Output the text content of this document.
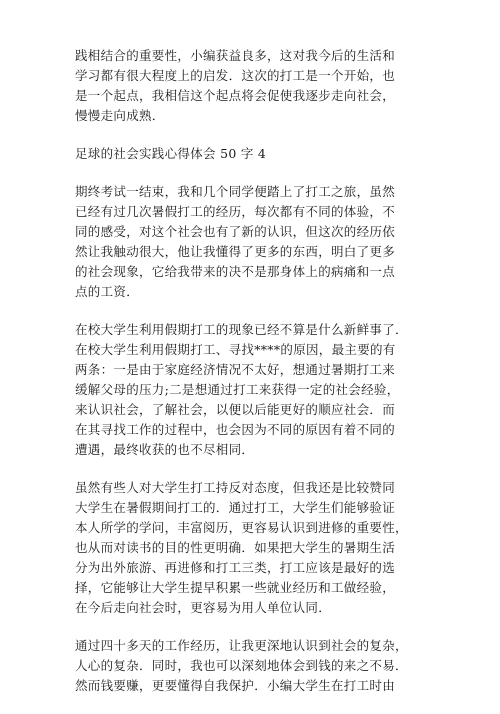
践相结合的重要性，小编获益良多，这对我今后的生活和
学习都有很大程度上的启发．这次的打工是一个开始，也
是一个起点，我相信这个起点将会促使我逐步走向社会，
慢慢走向成熟．

足球的社会实践心得体会 50 字 4

期终考试一结束，我和几个同学便踏上了打工之旅，虽然
已经有过几次暑假打工的经历，每次都有不同的体验，不
同的感受，对这个社会也有了新的认识，但这次的经历依
然让我触动很大，他让我懂得了更多的东西，明白了更多
的社会现象，它给我带来的决不是那身体上的病痛和一点
点的工资．

在校大学生利用假期打工的现象已经不算是什么新鲜事了．
在校大学生利用假期打工、寻找****的原因，最主要的有
两条：一是由于家庭经济情况不太好，想通过暑期打工来
缓解父母的压力;二是想通过打工来获得一定的社会经验，
来认识社会，了解社会，以便以后能更好的顺应社会．而
在其寻找工作的过程中，也会因为不同的原因有着不同的
遭遇，最终收获的也不尽相同．

虽然有些人对大学生打工持反对态度，但我还是比较赞同
大学生在暑假期间打工的．通过打工，大学生们能够验证
本人所学的学问，丰富阅历，更容易认识到进修的重要性，
也从而对读书的目的性更明确．如果把大学生的暑期生活
分为出外旅游、再进修和打工三类，打工应该是最好的选
择，它能够让大学生提早积累一些就业经历和工做经验，
在今后走向社会时，更容易为用人单位认同．

通过四十多天的工作经历，让我更深地认识到社会的复杂，
人心的复杂．同时，我也可以深刻地体会到钱的来之不易．
然而钱要赚，更要懂得自我保护．小编大学生在打工时由
